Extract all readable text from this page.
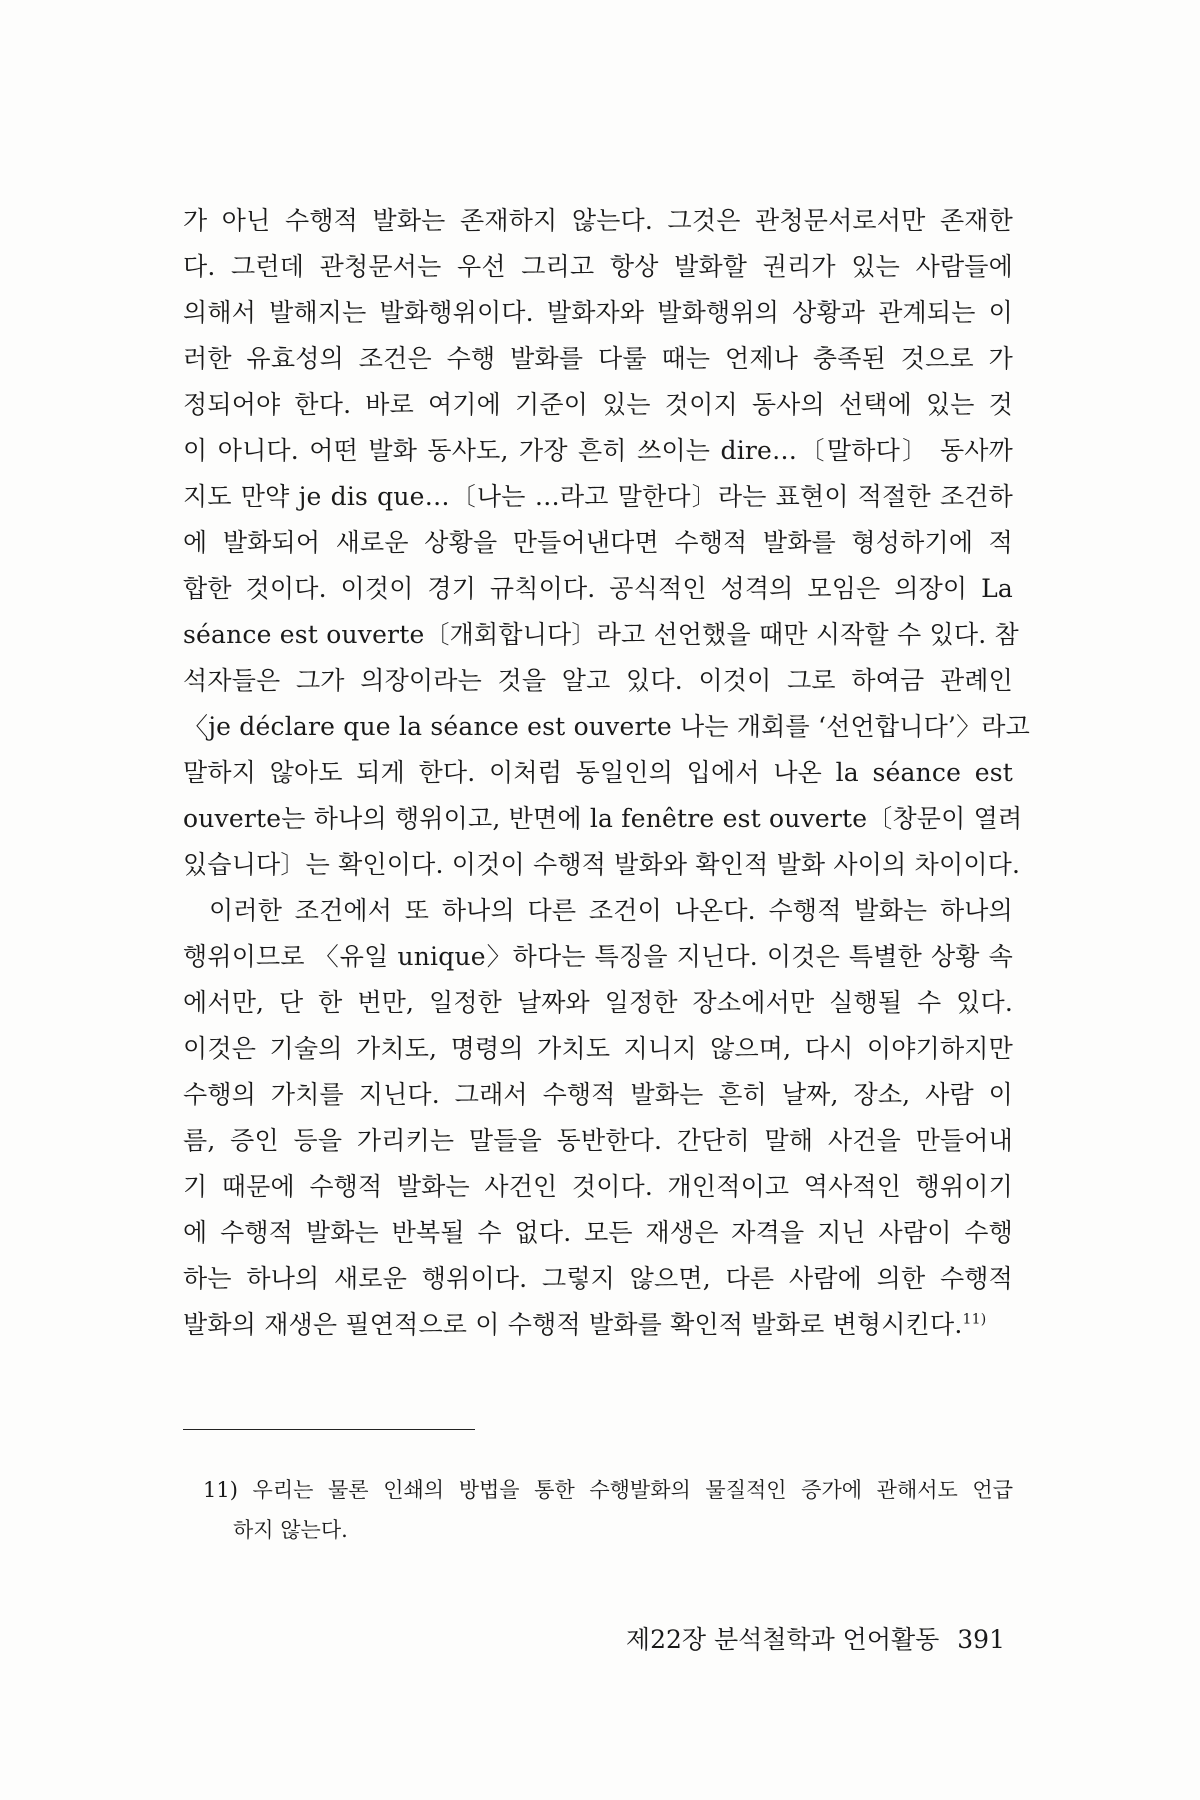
가 아닌 수행적 발화는 존재하지 않는다. 그것은 관청문서로서만 존재한
다. 그런데 관청문서는 우선 그리고 항상 발화할 권리가 있는 사람들에
의해서 발해지는 발화행위이다. 발화자와 발화행위의 상황과 관계되는 이
러한 유효성의 조건은 수행 발화를 다룰 때는 언제나 충족된 것으로 가
정되어야 한다. 바로 여기에 기준이 있는 것이지 동사의 선택에 있는 것
이 아니다. 어떤 발화 동사도, 가장 흔히 쓰이는 dire…〔말하다〕 동사까
지도 만약 je dis que…〔나는 …라고 말한다〕라는 표현이 적절한 조건하
에 발화되어 새로운 상황을 만들어낸다면 수행적 발화를 형성하기에 적
합한 것이다. 이것이 경기 규칙이다. 공식적인 성격의 모임은 의장이 La
séance est ouverte〔개회합니다〕라고 선언했을 때만 시작할 수 있다. 참
석자들은 그가 의장이라는 것을 알고 있다. 이것이 그로 하여금 관례인
〈je déclare que la séance est ouverte 나는 개회를 ‘선언합니다’〉라고
말하지 않아도 되게 한다. 이처럼 동일인의 입에서 나온 la séance est
ouverte는 하나의 행위이고, 반면에 la fenêtre est ouverte〔창문이 열려
있습니다〕는 확인이다. 이것이 수행적 발화와 확인적 발화 사이의 차이이다.
이러한 조건에서 또 하나의 다른 조건이 나온다. 수행적 발화는 하나의
행위이므로 〈유일 unique〉하다는 특징을 지닌다. 이것은 특별한 상황 속
에서만, 단 한 번만, 일정한 날짜와 일정한 장소에서만 실행될 수 있다.
이것은 기술의 가치도, 명령의 가치도 지니지 않으며, 다시 이야기하지만
수행의 가치를 지닌다. 그래서 수행적 발화는 흔히 날짜, 장소, 사람 이
름, 증인 등을 가리키는 말들을 동반한다. 간단히 말해 사건을 만들어내
기 때문에 수행적 발화는 사건인 것이다. 개인적이고 역사적인 행위이기
에 수행적 발화는 반복될 수 없다. 모든 재생은 자격을 지닌 사람이 수행
하는 하나의 새로운 행위이다. 그렇지 않으면, 다른 사람에 의한 수행적
발화의 재생은 필연적으로 이 수행적 발화를 확인적 발화로 변형시킨다.$^{11)}$
11) 우리는 물론 인쇄의 방법을 통한 수행발화의 물질적인 증가에 관해서도 언급
하지 않는다.
제22장 분석철학과 언어활동 391
